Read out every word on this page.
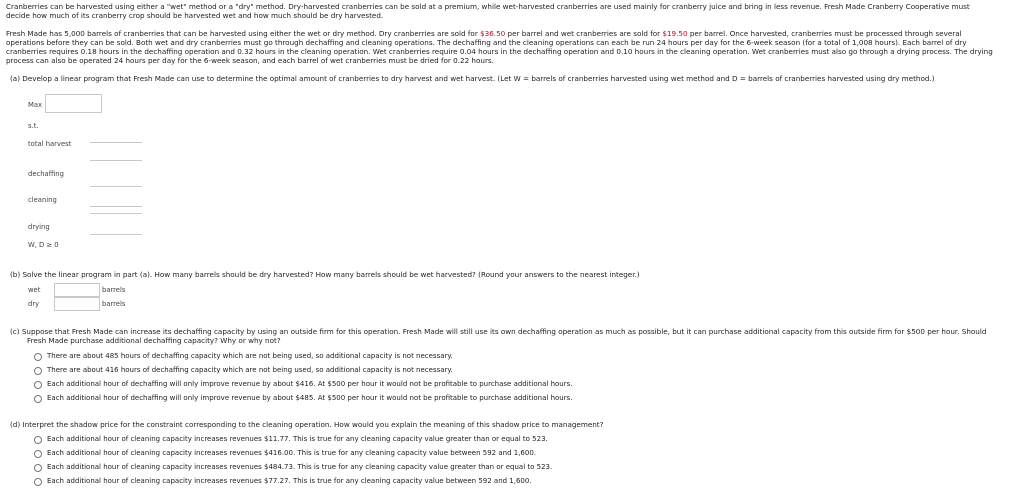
Cranberries can be harvested using either a "wet" method or a "dry" method. Dry-harvested cranberries can be sold at a premium, while wet-harvested cranberries are used mainly for cranberry juice and bring in less revenue. Fresh Made Cranberry Cooperative must
decide how much of its cranberry crop should be harvested wet and how much should be dry harvested.
Fresh Made has 5,000 barrels of cranberries that can be harvested using either the wet or dry method. Dry cranberries are sold for $36.50 per barrel and wet cranberries are sold for $19.50 per barrel. Once harvested, cranberries must be processed through several
operations before they can be sold. Both wet and dry cranberries must go through dechaffing and cleaning operations. The dechaffing and the cleaning operations can each be run 24 hours per day for the 6-week season (for a total of 1,008 hours). Each barrel of dry
cranberries requires 0.18 hours in the dechaffing operation and 0.32 hours in the cleaning operation. Wet cranberries require 0.04 hours in the dechaffing operation and 0.10 hours in the cleaning operation. Wet cranberries must also go through a drying process. The drying
process can also be operated 24 hours per day for the 6-week season, and each barrel of wet cranberries must be dried for 0.22 hours.
(a) Develop a linear program that Fresh Made can use to determine the optimal amount of cranberries to dry harvest and wet harvest. (Let W = barrels of cranberries harvested using wet method and D = barrels of cranberries harvested using dry method.)
Max
s.t.
total harvest
dechaffing
cleaning
drying
W, D ≥ 0
(b) Solve the linear program in part (a). How many barrels should be dry harvested? How many barrels should be wet harvested? (Round your answers to the nearest integer.)
wet	barrels
dry	barrels
(c) Suppose that Fresh Made can increase its dechaffing capacity by using an outside firm for this operation. Fresh Made will still use its own dechaffing operation as much as possible, but it can purchase additional capacity from this outside firm for $500 per hour. Should
Fresh Made purchase additional dechaffing capacity? Why or why not?
There are about 485 hours of dechaffing capacity which are not being used, so additional capacity is not necessary.
There are about 416 hours of dechaffing capacity which are not being used, so additional capacity is not necessary.
Each additional hour of dechaffing will only improve revenue by about $416. At $500 per hour it would not be profitable to purchase additional hours.
Each additional hour of dechaffing will only improve revenue by about $485. At $500 per hour it would not be profitable to purchase additional hours.
(d) Interpret the shadow price for the constraint corresponding to the cleaning operation. How would you explain the meaning of this shadow price to management?
Each additional hour of cleaning capacity increases revenues $11.77. This is true for any cleaning capacity value greater than or equal to 523.
Each additional hour of cleaning capacity increases revenues $416.00. This is true for any cleaning capacity value between 592 and 1,600.
Each additional hour of cleaning capacity increases revenues $484.73. This is true for any cleaning capacity value greater than or equal to 523.
Each additional hour of cleaning capacity increases revenues $77.27. This is true for any cleaning capacity value between 592 and 1,600.
